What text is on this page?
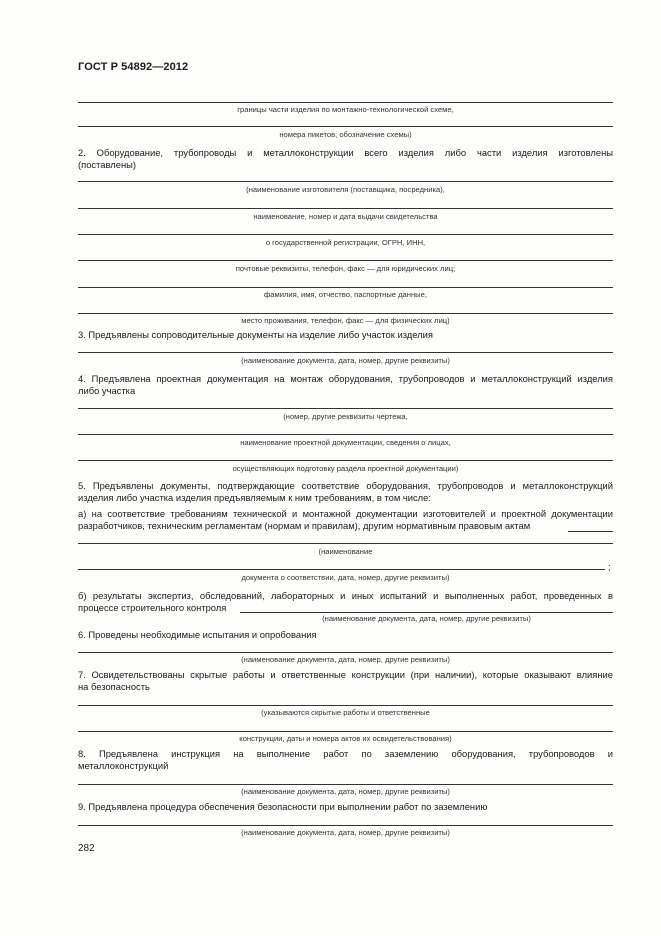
ГОСТ Р 54892—2012
границы части изделия по монтажно-технологической схеме,
номера пикетов, обозначение схемы)
2. Оборудование, трубопроводы и металлоконструкции всего изделия либо части изделия изготовлены
(поставлены)
(наименование изготовителя (поставщика, посредника),
наименование, номер и дата выдачи свидетельства
о государственной регистрации, ОГРН, ИНН,
почтовые реквизиты, телефон, факс — для юридических лиц;
фамилия, имя, отчество, паспортные данные,
место проживания, телефон, факс — для физических лиц)
3. Предъявлены сопроводительные документы на изделие либо участок изделия
(наименование документа, дата, номер, другие реквизиты)
4. Предъявлена проектная документация на монтаж оборудования, трубопроводов и металлоконструкций изделия
либо участка
(номер, другие реквизиты чертежа,
наименование проектной документации, сведения о лицах,
осуществляющих подготовку раздела проектной документации)
5. Предъявлены документы, подтверждающие соответствие оборудования, трубопроводов и металлоконструкций
изделия либо участка изделия предъявляемым к ним требованиям, в том числе:
а) на соответствие требованиям технической и монтажной документации изготовителей и проектной документации
разработчиков, техническим регламентам (нормам и правилам), другим нормативным правовым актам
(наименование
;
документа о соответствии, дата, номер, другие реквизиты)
б) результаты экспертиз, обследований, лабораторных и иных испытаний и выполненных работ, проведенных в
процессе строительного контроля
(наименование документа, дата, номер, другие реквизиты)
6. Проведены необходимые испытания и опробования
(наименование документа, дата, номер, другие реквизиты)
7. Освидетельствованы скрытые работы и ответственные конструкции (при наличии), которые оказывают влияние
на безопасность
(указываются скрытые работы и ответственные
конструкции, даты и номера актов их освидетельствования)
8. Предъявлена инструкция на выполнение работ по заземлению оборудования, трубопроводов и
металлоконструкций
(наименование документа, дата, номер, другие реквизиты)
9. Предъявлена процедура обеспечения безопасности при выполнении работ по заземлению
(наименование документа, дата, номер, другие реквизиты)
282
